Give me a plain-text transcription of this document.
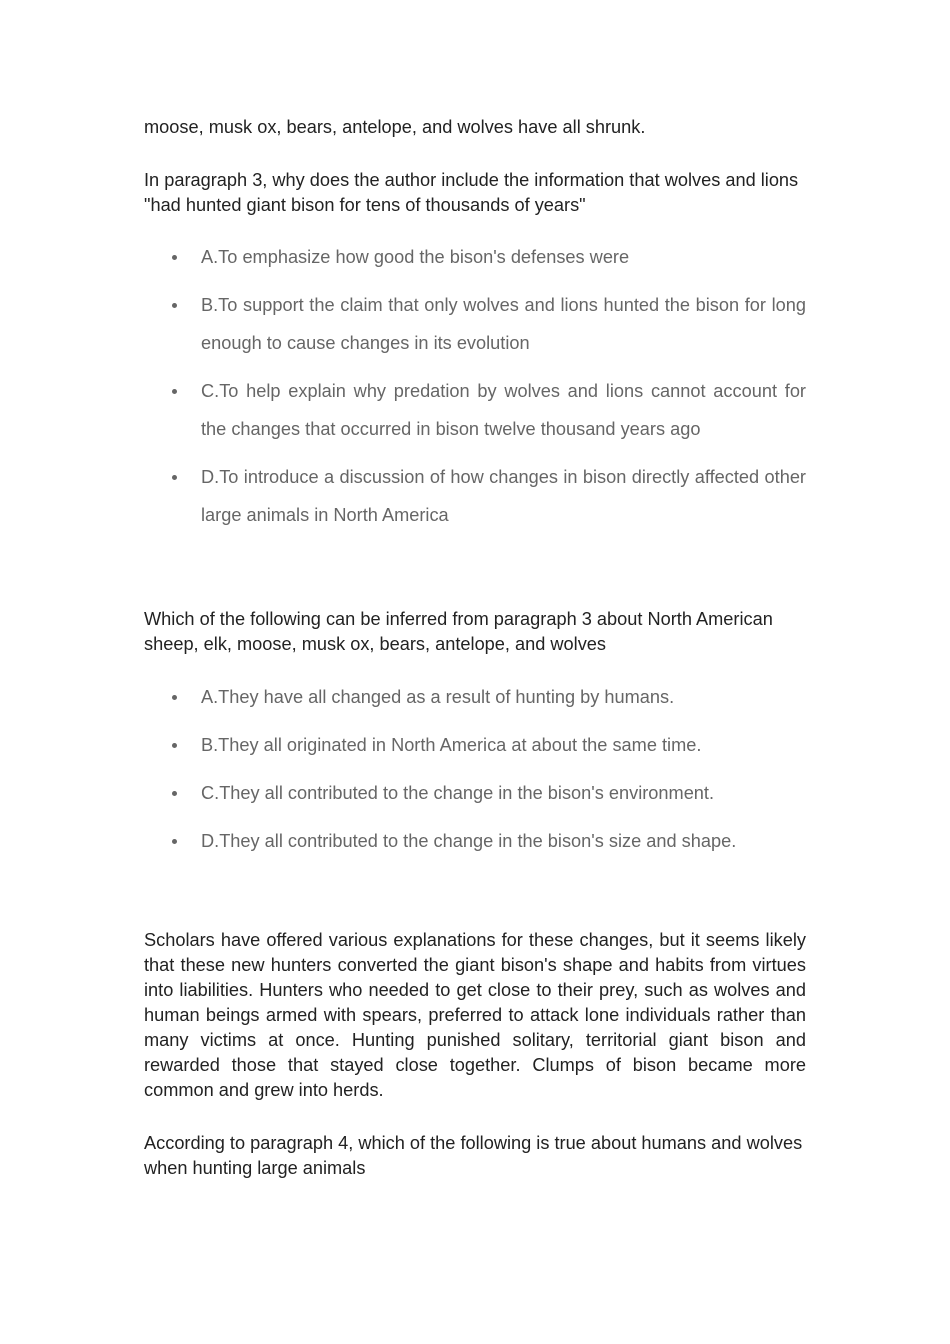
moose, musk ox, bears, antelope, and wolves have all shrunk.

In paragraph 3, why does the author include the information that wolves and lions "had hunted giant bison for tens of thousands of years"

A.To emphasize how good the bison's defenses were
B.To support the claim that only wolves and lions hunted the bison for long enough to cause changes in its evolution
C.To help explain why predation by wolves and lions cannot account for the changes that occurred in bison twelve thousand years ago
D.To introduce a discussion of how changes in bison directly affected other large animals in North America

Which of the following can be inferred from paragraph 3 about North American sheep, elk, moose, musk ox, bears, antelope, and wolves

A.They have all changed as a result of hunting by humans.
B.They all originated in North America at about the same time.
C.They all contributed to the change in the bison's environment.
D.They all contributed to the change in the bison's size and shape.

Scholars have offered various explanations for these changes, but it seems likely that these new hunters converted the giant bison's shape and habits from virtues into liabilities. Hunters who needed to get close to their prey, such as wolves and human beings armed with spears, preferred to attack lone individuals rather than many victims at once. Hunting punished solitary, territorial giant bison and rewarded those that stayed close together. Clumps of bison became more common and grew into herds.

According to paragraph 4, which of the following is true about humans and wolves when hunting large animals
